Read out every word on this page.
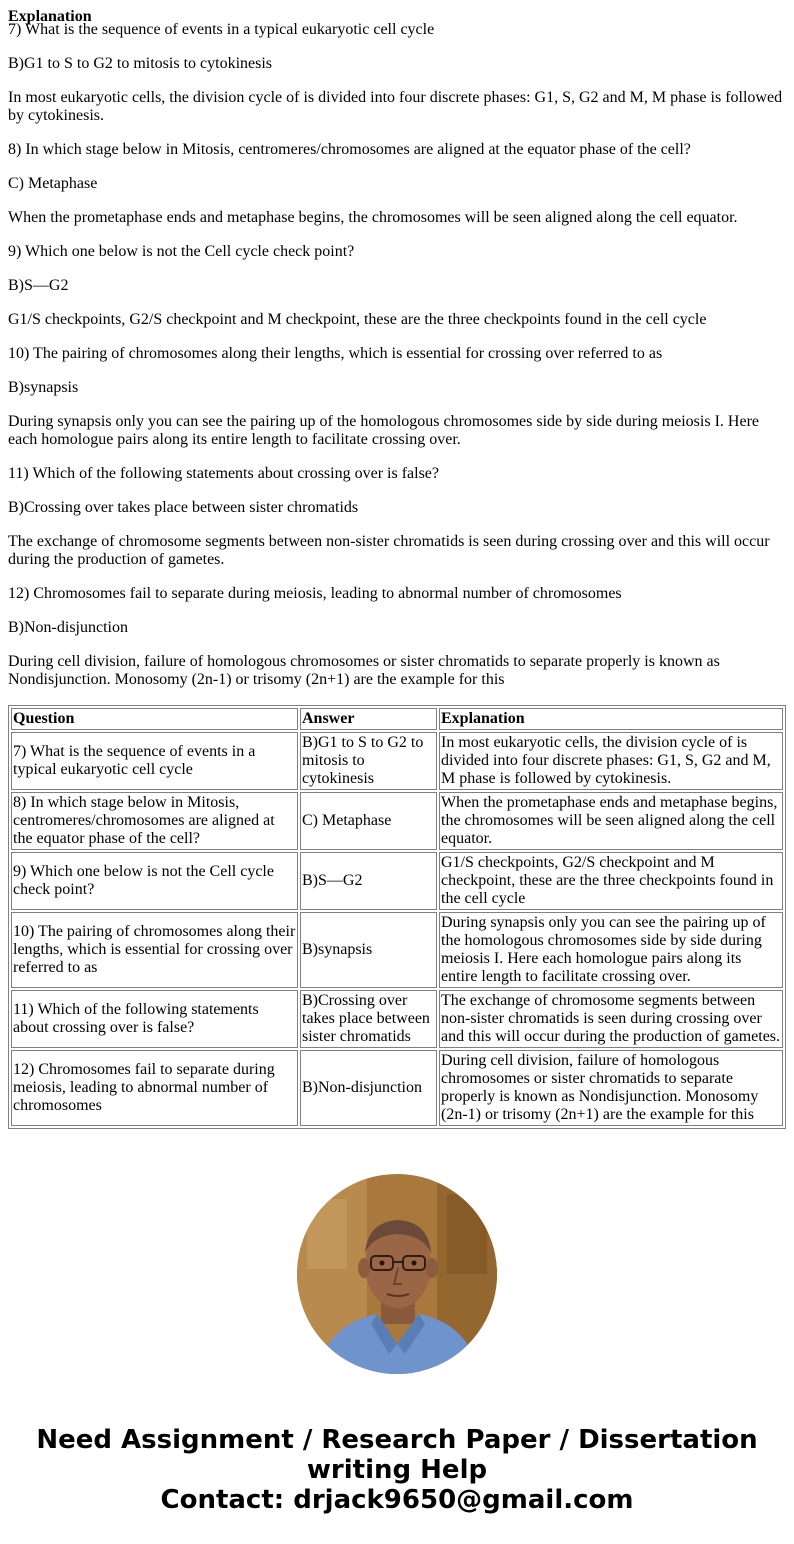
Explanation

7) What is the sequence of events in a typical eukaryotic cell cycle

B)G1 to S to G2 to mitosis to cytokinesis

In most eukaryotic cells, the division cycle of is divided into four discrete phases: G1, S, G2 and M, M phase is followed by cytokinesis.

8) In which stage below in Mitosis, centromeres/chromosomes are aligned at the equator phase of the cell?

C) Metaphase

When the prometaphase ends and metaphase begins, the chromosomes will be seen aligned along the cell equator.

9) Which one below is not the Cell cycle check point?

B)S—G2

G1/S checkpoints, G2/S checkpoint and M checkpoint, these are the three checkpoints found in the cell cycle

10) The pairing of chromosomes along their lengths, which is essential for crossing over referred to as

B)synapsis

During synapsis only you can see the pairing up of the homologous chromosomes side by side during meiosis I. Here each homologue pairs along its entire length to facilitate crossing over.

11) Which of the following statements about crossing over is false?

B)Crossing over takes place between sister chromatids

The exchange of chromosome segments between non-sister chromatids is seen during crossing over and this will occur during the production of gametes.

12) Chromosomes fail to separate during meiosis, leading to abnormal number of chromosomes

B)Non-disjunction

During cell division, failure of homologous chromosomes or sister chromatids to separate properly is known as Nondisjunction. Monosomy (2n-1) or trisomy (2n+1) are the example for this

Question	Answer	Explanation
7) What is the sequence of events in a typical eukaryotic cell cycle	B)G1 to S to G2 to mitosis to cytokinesis	In most eukaryotic cells, the division cycle of is divided into four discrete phases: G1, S, G2 and M, M phase is followed by cytokinesis.
8) In which stage below in Mitosis, centromeres/chromosomes are aligned at the equator phase of the cell?	C) Metaphase	When the prometaphase ends and metaphase begins, the chromosomes will be seen aligned along the cell equator.
9) Which one below is not the Cell cycle check point?	B)S—G2	G1/S checkpoints, G2/S checkpoint and M checkpoint, these are the three checkpoints found in the cell cycle
10) The pairing of chromosomes along their lengths, which is essential for crossing over referred to as	B)synapsis	During synapsis only you can see the pairing up of the homologous chromosomes side by side during meiosis I. Here each homologue pairs along its entire length to facilitate crossing over.
11) Which of the following statements about crossing over is false?	B)Crossing over takes place between sister chromatids	The exchange of chromosome segments between non-sister chromatids is seen during crossing over and this will occur during the production of gametes.
12) Chromosomes fail to separate during meiosis, leading to abnormal number of chromosomes	B)Non-disjunction	During cell division, failure of homologous chromosomes or sister chromatids to separate properly is known as Nondisjunction. Monosomy (2n-1) or trisomy (2n+1) are the example for this
Need Assignment / Research Paper / Dissertation writing Help
Contact: drjack9650@gmail.com
